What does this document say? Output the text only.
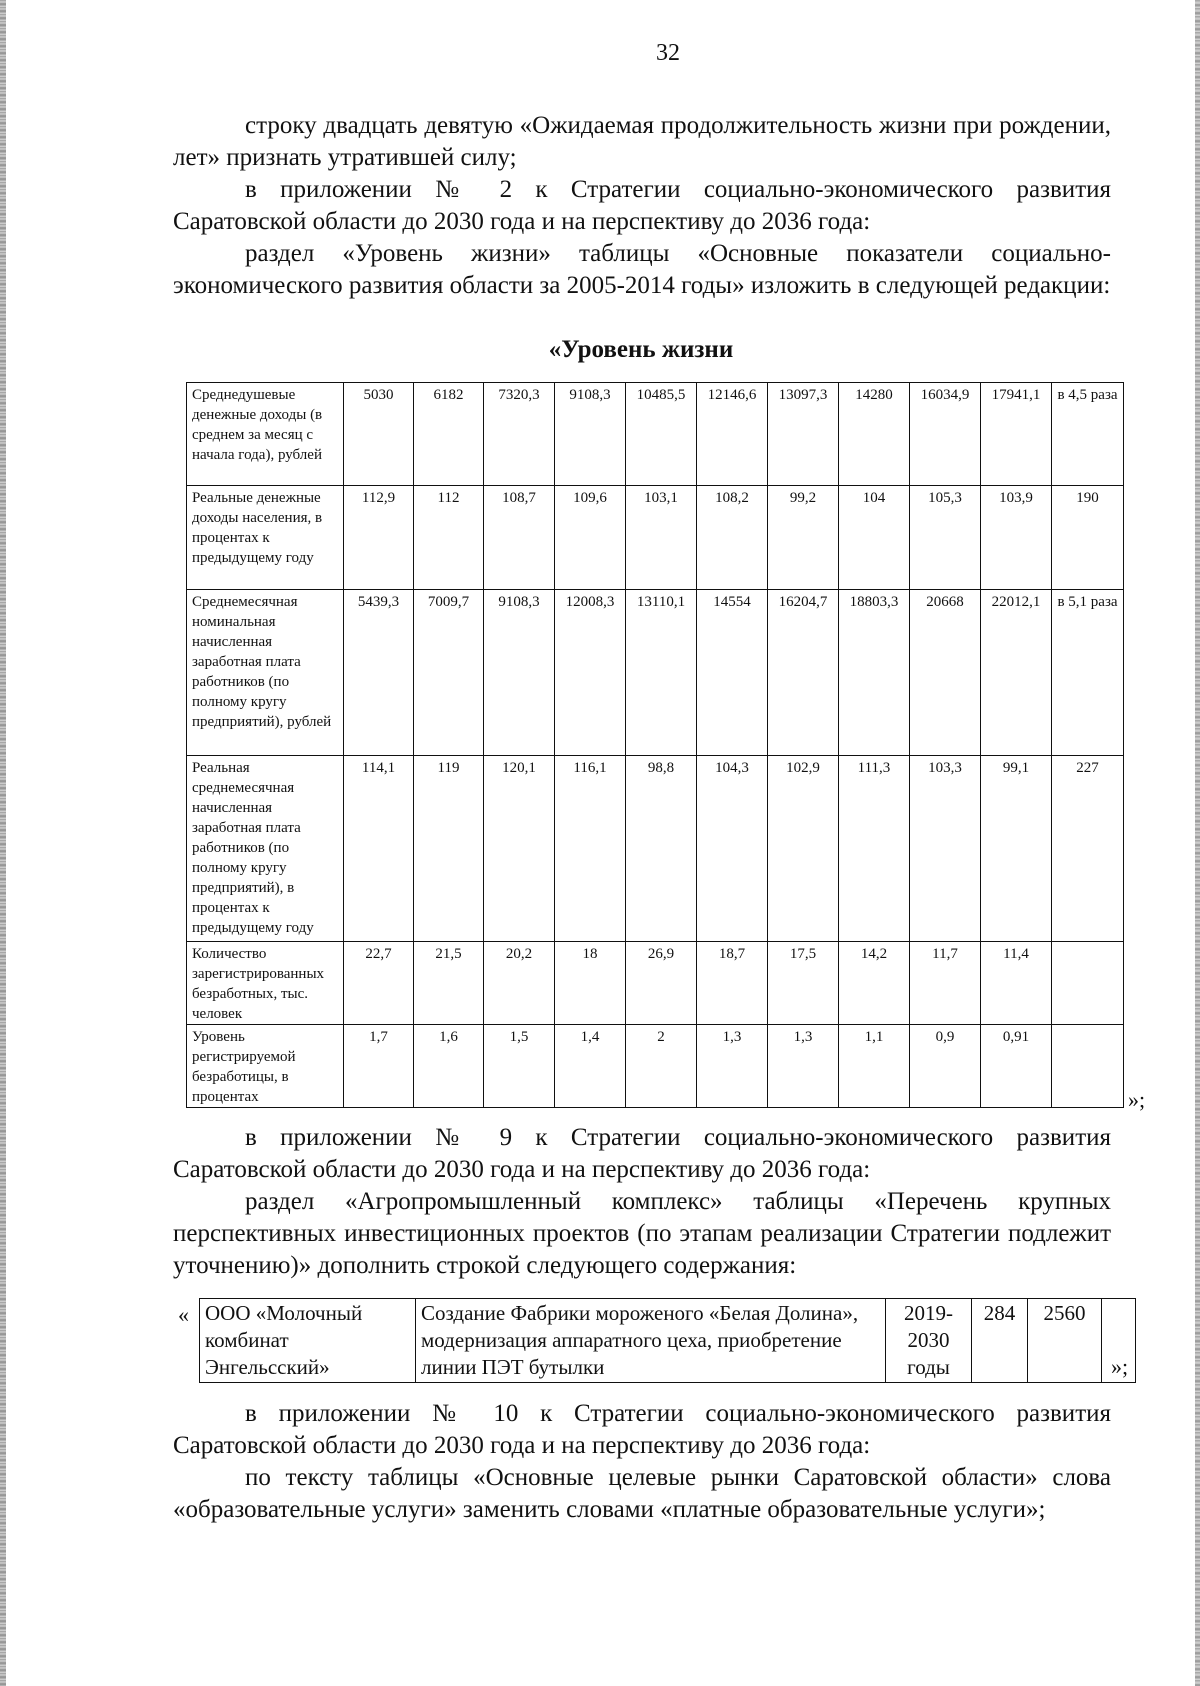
32
строку двадцать девятую «Ожидаемая продолжительность жизни при рождении, лет» признать утратившей силу;
в приложении № 2 к Стратегии социально-экономического развития Саратовской области до 2030 года и на перспективу до 2036 года:
раздел «Уровень жизни» таблицы «Основные показатели социально-экономического развития области за 2005-2014 годы» изложить в следующей редакции:
«Уровень жизни
Среднедушевые денежные доходы (в среднем за месяц с начала года), рублей	5030	6182	7320,3	9108,3	10485,5	12146,6	13097,3	14280	16034,9	17941,1	в 4,5 раза
Реальные денежные доходы населения, в процентах к предыдущему году	112,9	112	108,7	109,6	103,1	108,2	99,2	104	105,3	103,9	190
Среднемесячная номинальная начисленная заработная плата работников (по полному кругу предприятий), рублей	5439,3	7009,7	9108,3	12008,3	13110,1	14554	16204,7	18803,3	20668	22012,1	в 5,1 раза
Реальная среднемесячная начисленная заработная плата работников (по полному кругу предприятий), в процентах к предыдущему году	114,1	119	120,1	116,1	98,8	104,3	102,9	111,3	103,3	99,1	227
Количество зарегистрированных безработных, тыс. человек	22,7	21,5	20,2	18	26,9	18,7	17,5	14,2	11,7	11,4	
Уровень регистрируемой безработицы, в процентах	1,7	1,6	1,5	1,4	2	1,3	1,3	1,1	0,9	0,91	
»;
в приложении № 9 к Стратегии социально-экономического развития Саратовской области до 2030 года и на перспективу до 2036 года:
раздел «Агропромышленный комплекс» таблицы «Перечень крупных перспективных инвестиционных проектов (по этапам реализации Стратегии подлежит уточнению)» дополнить строкой следующего содержания:
« ООО «Молочный комбинат Энгельсский»	Создание Фабрики мороженого «Белая Долина», модернизация аппаратного цеха, приобретение линии ПЭТ бутылки	2019-2030 годы	284	2560	
»;
в приложении № 10 к Стратегии социально-экономического развития Саратовской области до 2030 года и на перспективу до 2036 года:
по тексту таблицы «Основные целевые рынки Саратовской области» слова «образовательные услуги» заменить словами «платные образовательные услуги»;
